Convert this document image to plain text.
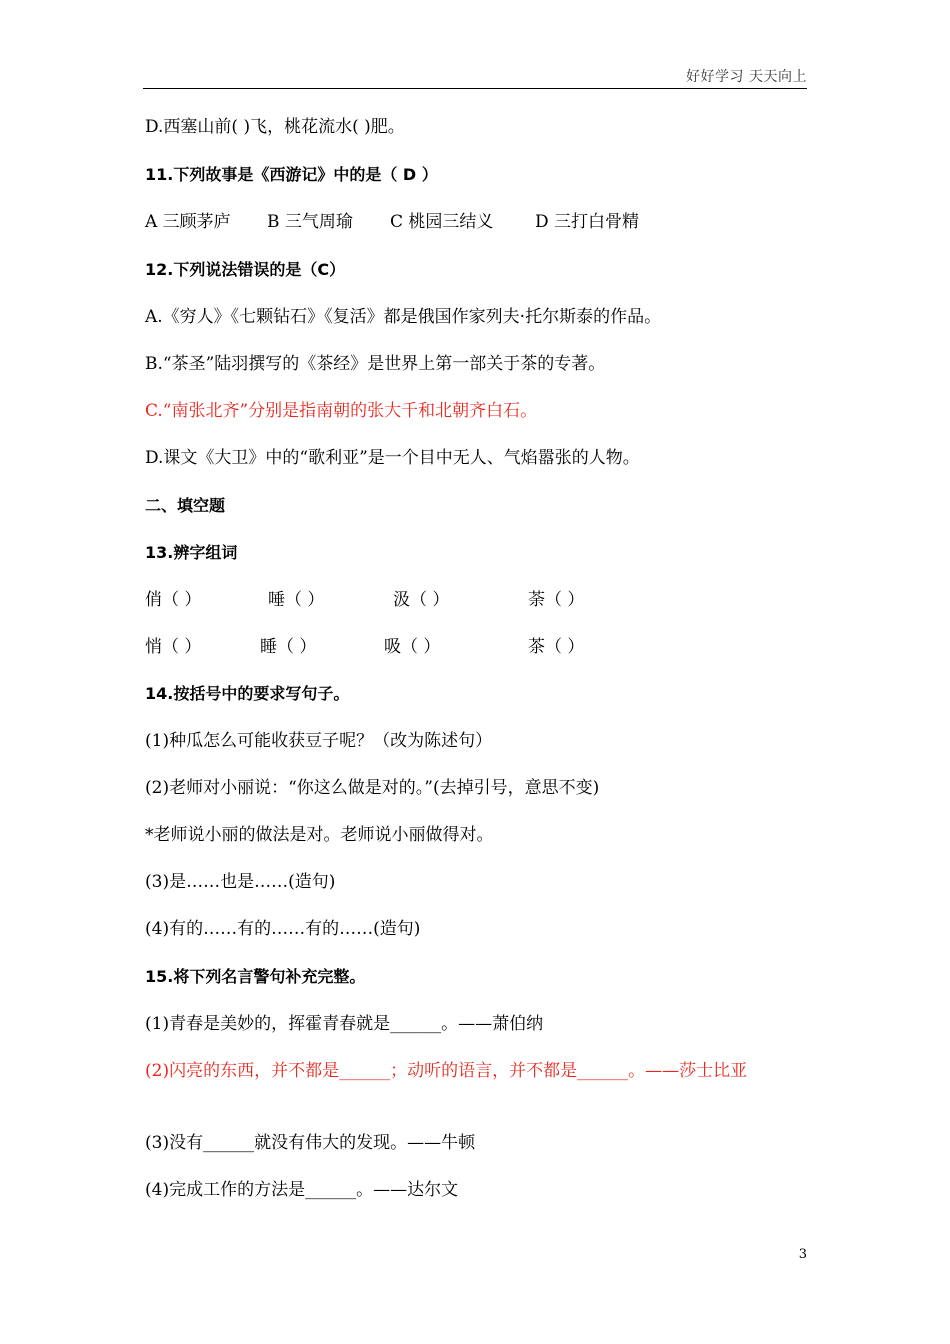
好好学习 天天向上
D.西塞山前( )飞，桃花流水( )肥。
11.下列故事是《西游记》中的是（ D ）
A 三顾茅庐 B 三气周瑜 C 桃园三结义 D 三打白骨精
12.下列说法错误的是（C）
A.《穷人》《七颗钻石》《复活》都是俄国作家列夫·托尔斯泰的作品。
B.“茶圣”陆羽撰写的《茶经》是世界上第一部关于茶的专著。
C.“南张北齐”分别是指南朝的张大千和北朝齐白石。
D.课文《大卫》中的“歌利亚”是一个目中无人、气焰嚣张的人物。
二、填空题
13.辨字组词
俏（ ）	唾（ ）	汲（ ）	荼（ ）
悄（ ）	睡（ ）	吸（ ）	茶（ ）
14.按括号中的要求写句子。
(1)种瓜怎么可能收获豆子呢？（改为陈述句）
(2)老师对小丽说：“你这么做是对的。”(去掉引号，意思不变)
*老师说小丽的做法是对。老师说小丽做得对。
(3)是……也是……(造句)
(4)有的……有的……有的……(造句)
15.将下列名言警句补充完整。
(1)青春是美妙的，挥霍青春就是______。——萧伯纳
(2)闪亮的东西，并不都是______；动听的语言，并不都是______。——莎士比亚
(3)没有______就没有伟大的发现。——牛顿
(4)完成工作的方法是______。——达尔文
3
